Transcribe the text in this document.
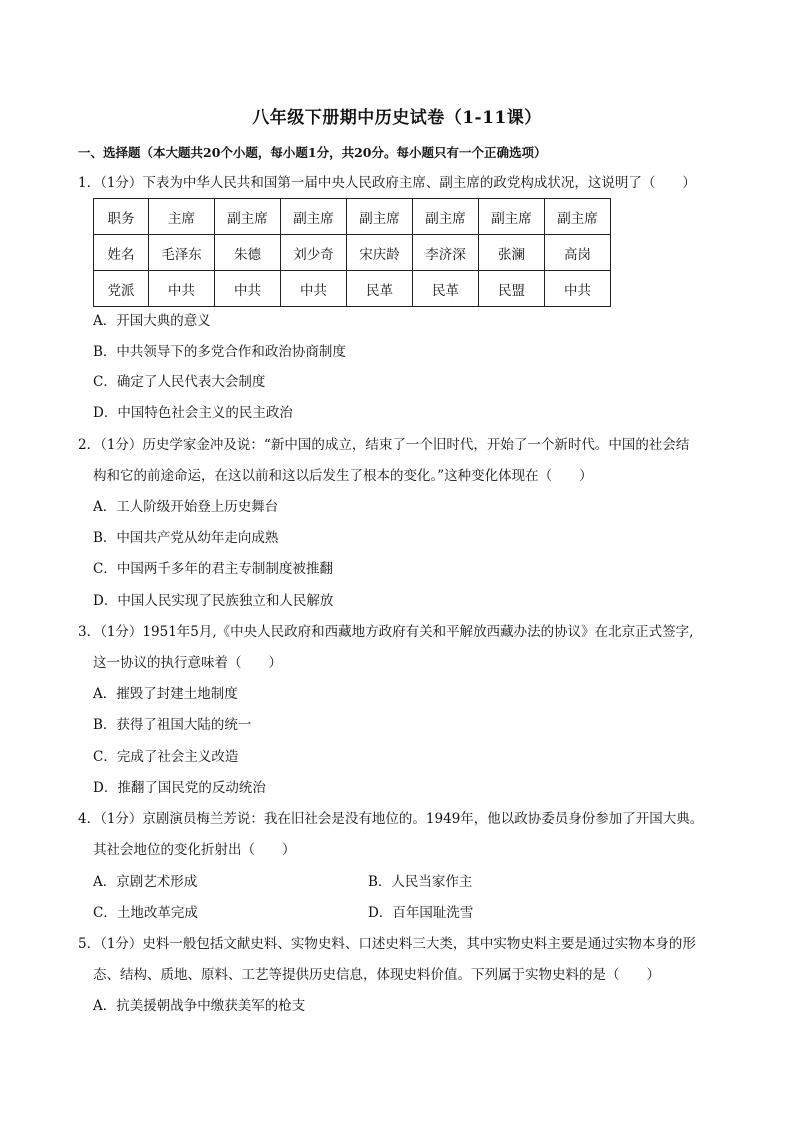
八年级下册期中历史试卷（1-11课）
一、选择题（本大题共20个小题，每小题1分，共20分。每小题只有一个正确选项）
1．（1分）下表为中华人民共和国第一届中央人民政府主席、副主席的政党构成状况，这说明了（　　）
职务	主席	副主席	副主席	副主席	副主席	副主席	副主席
姓名	毛泽东	朱德	刘少奇	宋庆龄	李济深	张澜	高岗
党派	中共	中共	中共	民革	民革	民盟	中共
A．开国大典的意义
B．中共领导下的多党合作和政治协商制度
C．确定了人民代表大会制度
D．中国特色社会主义的民主政治
2．（1分）历史学家金冲及说：“新中国的成立，结束了一个旧时代，开始了一个新时代。中国的社会结
构和它的前途命运，在这以前和这以后发生了根本的变化。”这种变化体现在（　　）
A．工人阶级开始登上历史舞台
B．中国共产党从幼年走向成熟
C．中国两千多年的君主专制制度被推翻
D．中国人民实现了民族独立和人民解放
3．（1分）1951年5月,《中央人民政府和西藏地方政府有关和平解放西藏办法的协议》在北京正式签字,
这一协议的执行意味着（　　）
A．摧毁了封建土地制度
B．获得了祖国大陆的统一
C．完成了社会主义改造
D．推翻了国民党的反动统治
4．（1分）京剧演员梅兰芳说：我在旧社会是没有地位的。1949年，他以政协委员身份参加了开国大典。
其社会地位的变化折射出（　　）
A．京剧艺术形成	B．人民当家作主
C．土地改革完成	D．百年国耻洗雪
5．（1分）史料一般包括文献史料、实物史料、口述史料三大类，其中实物史料主要是通过实物本身的形
态、结构、质地、原料、工艺等提供历史信息，体现史料价值。下列属于实物史料的是（　　）
A．抗美援朝战争中缴获美军的枪支
